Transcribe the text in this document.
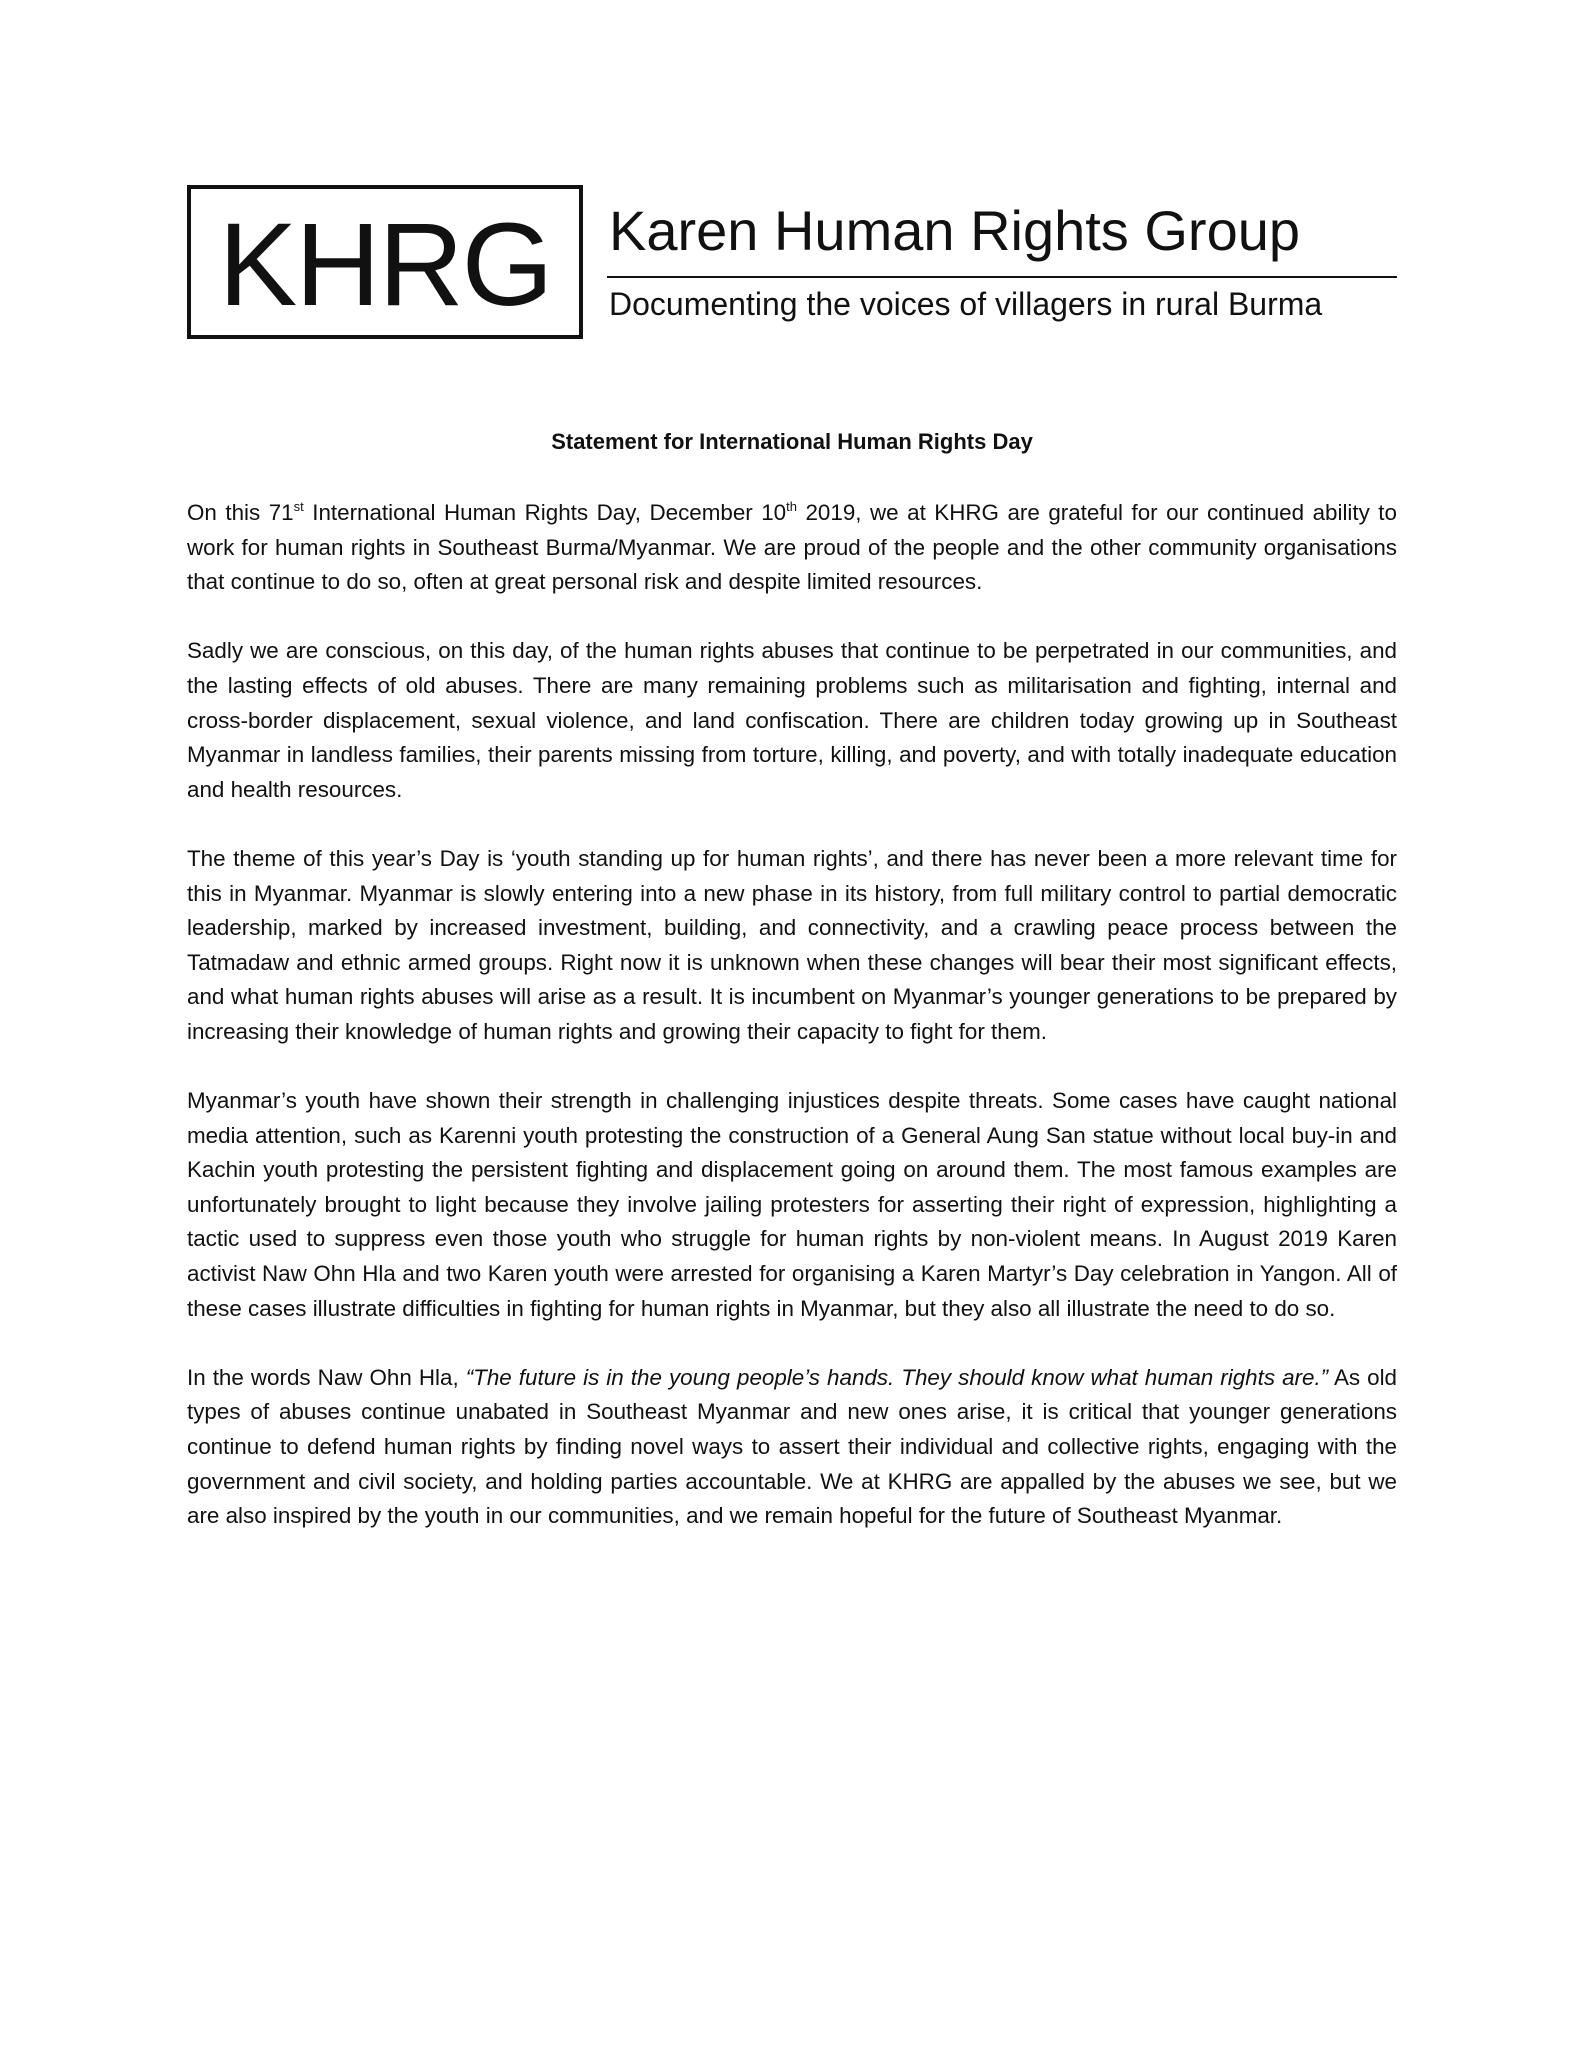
KHRG Karen Human Rights Group
Documenting the voices of villagers in rural Burma
Statement for International Human Rights Day

On this 71st International Human Rights Day, December 10th 2019, we at KHRG are grateful for our continued ability to work for human rights in Southeast Burma/Myanmar. We are proud of the people and the other community organisations that continue to do so, often at great personal risk and despite limited resources.

Sadly we are conscious, on this day, of the human rights abuses that continue to be perpetrated in our communities, and the lasting effects of old abuses. There are many remaining problems such as militarisation and fighting, internal and cross-border displacement, sexual violence, and land confiscation. There are children today growing up in Southeast Myanmar in landless families, their parents missing from torture, killing, and poverty, and with totally inadequate education and health resources.

The theme of this year’s Day is ‘youth standing up for human rights’, and there has never been a more relevant time for this in Myanmar. Myanmar is slowly entering into a new phase in its history, from full military control to partial democratic leadership, marked by increased investment, building, and connectivity, and a crawling peace process between the Tatmadaw and ethnic armed groups. Right now it is unknown when these changes will bear their most significant effects, and what human rights abuses will arise as a result. It is incumbent on Myanmar’s younger generations to be prepared by increasing their knowledge of human rights and growing their capacity to fight for them.

Myanmar’s youth have shown their strength in challenging injustices despite threats. Some cases have caught national media attention, such as Karenni youth protesting the construction of a General Aung San statue without local buy-in and Kachin youth protesting the persistent fighting and displacement going on around them. The most famous examples are unfortunately brought to light because they involve jailing protesters for asserting their right of expression, highlighting a tactic used to suppress even those youth who struggle for human rights by non-violent means. In August 2019 Karen activist Naw Ohn Hla and two Karen youth were arrested for organising a Karen Martyr’s Day celebration in Yangon. All of these cases illustrate difficulties in fighting for human rights in Myanmar, but they also all illustrate the need to do so.

In the words Naw Ohn Hla, “The future is in the young people’s hands. They should know what human rights are.” As old types of abuses continue unabated in Southeast Myanmar and new ones arise, it is critical that younger generations continue to defend human rights by finding novel ways to assert their individual and collective rights, engaging with the government and civil society, and holding parties accountable. We at KHRG are appalled by the abuses we see, but we are also inspired by the youth in our communities, and we remain hopeful for the future of Southeast Myanmar.
